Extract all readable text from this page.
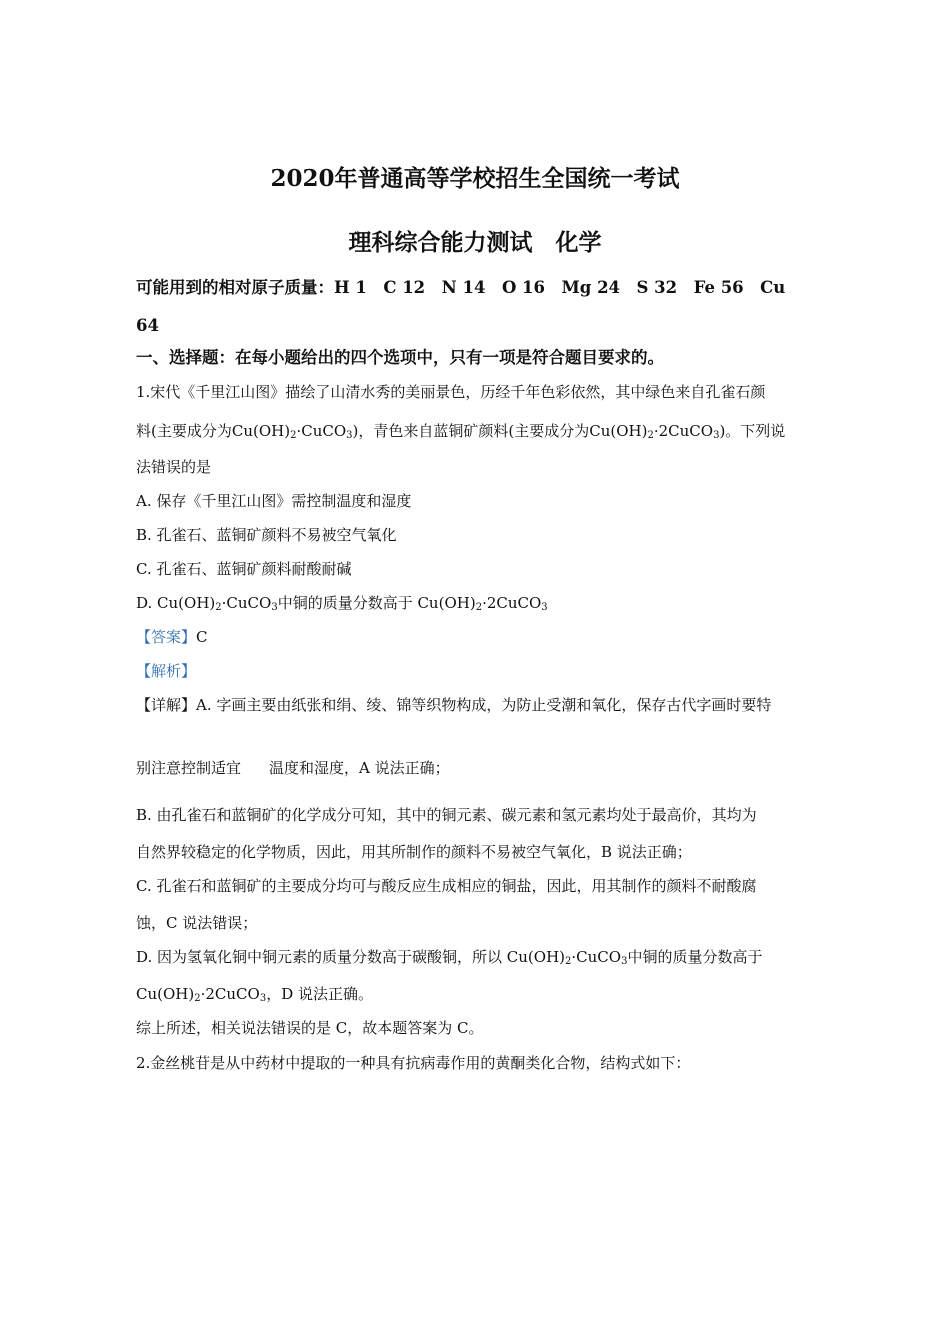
2020年普通高等学校招生全国统一考试
理科综合能力测试　化学
可能用到的相对原子质量：H 1　C 12　N 14　O 16　Mg 24　S 32　Fe 56　Cu
64
一、选择题：在每小题给出的四个选项中，只有一项是符合题目要求的。
1.宋代《千里江山图》描绘了山清水秀的美丽景色，历经千年色彩依然，其中绿色来自孔雀石颜
料(主要成分为$Cu(OH)_2\cdot CuCO_3$)，青色来自蓝铜矿颜料(主要成分为$Cu(OH)_2\cdot 2CuCO_3$)。下列说
法错误的是
A. 保存《千里江山图》需控制温度和湿度
B. 孔雀石、蓝铜矿颜料不易被空气氧化
C. 孔雀石、蓝铜矿颜料耐酸耐碱
D. $Cu(OH)_2\cdot CuCO_3$中铜的质量分数高于 $Cu(OH)_2\cdot 2CuCO_3$
【答案】C
【解析】
【详解】A. 字画主要由纸张和绢、绫、锦等织物构成，为防止受潮和氧化，保存古代字画时要特
别注意控制适宜 温度和湿度，A 说法正确；
B. 由孔雀石和蓝铜矿的化学成分可知，其中的铜元素、碳元素和氢元素均处于最高价，其均为
自然界较稳定的化学物质，因此，用其所制作的颜料不易被空气氧化，B 说法正确；
C. 孔雀石和蓝铜矿的主要成分均可与酸反应生成相应的铜盐，因此，用其制作的颜料不耐酸腐
蚀，C 说法错误；
D. 因为氢氧化铜中铜元素的质量分数高于碳酸铜，所以 $Cu(OH)_2\cdot CuCO_3$中铜的质量分数高于
$Cu(OH)_2\cdot 2CuCO_3$，D 说法正确。
综上所述，相关说法错误的是 C，故本题答案为 C。
2.金丝桃苷是从中药材中提取的一种具有抗病毒作用的黄酮类化合物，结构式如下：
